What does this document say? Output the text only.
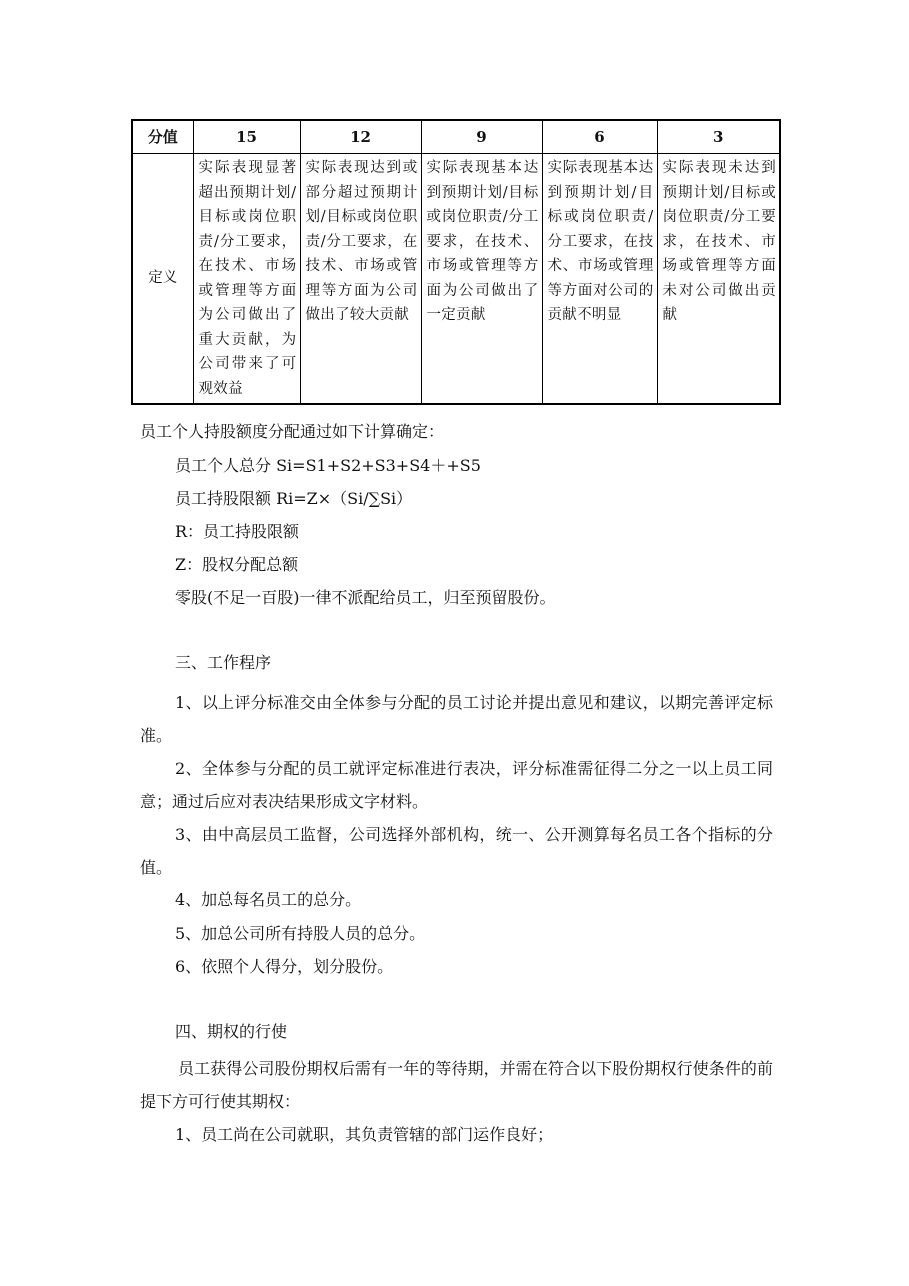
分值	15	12	9	6	3
定义	实际表现显著超出预期计划/目标或岗位职责/分工要求，在技术、市场或管理等方面为公司做出了重大贡献，为公司带来了可观效益	实际表现达到或部分超过预期计划/目标或岗位职责/分工要求，在技术、市场或管理等方面为公司做出了较大贡献	实际表现基本达到预期计划/目标或岗位职责/分工要求，在技术、市场或管理等方面为公司做出了一定贡献	实际表现基本达到预期计划/目标或岗位职责/分工要求，在技术、市场或管理等方面对公司的贡献不明显	实际表现未达到预期计划/目标或岗位职责/分工要求，在技术、市场或管理等方面未对公司做出贡献
员工个人持股额度分配通过如下计算确定：
员工个人总分 Si=S1+S2+S3+S4＋+S5
员工持股限额 Ri=Z×（Si/∑Si）
R：员工持股限额
Z：股权分配总额
零股(不足一百股)一律不派配给员工，归至预留股份。
三、工作程序
1、以上评分标准交由全体参与分配的员工讨论并提出意见和建议，以期完善评定标准。
2、全体参与分配的员工就评定标准进行表决，评分标准需征得二分之一以上员工同意；通过后应对表决结果形成文字材料。
3、由中高层员工监督，公司选择外部机构，统一、公开测算每名员工各个指标的分值。
4、加总每名员工的总分。
5、加总公司所有持股人员的总分。
6、依照个人得分，划分股份。
四、期权的行使
员工获得公司股份期权后需有一年的等待期，并需在符合以下股份期权行使条件的前提下方可行使其期权：
1、员工尚在公司就职，其负责管辖的部门运作良好；
